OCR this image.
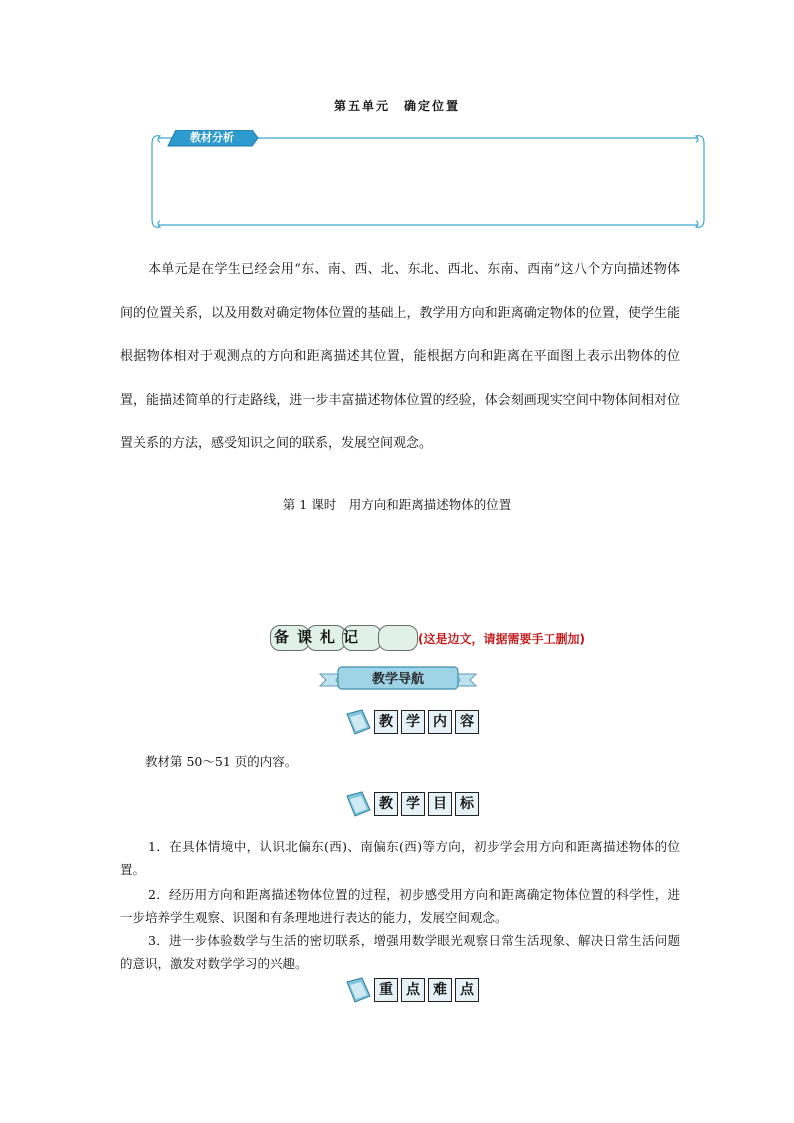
第五单元　确定位置
教材分析
本单元是在学生已经会用“东、南、西、北、东北、西北、东南、西南”这八个方向描述物体间的位置关系，以及用数对确定物体位置的基础上，教学用方向和距离确定物体的位置，使学生能根据物体相对于观测点的方向和距离描述其位置，能根据方向和距离在平面图上表示出物体的位置，能描述简单的行走路线，进一步丰富描述物体位置的经验，体会刻画现实空间中物体间相对位置关系的方法，感受知识之间的联系，发展空间观念。
第 1 课时　用方向和距离描述物体的位置
备课札记	(这是边文，请据需要手工删加)
教学导航
教 学 内 容
教材第 50～51 页的内容。
教 学 目 标
1．在具体情境中，认识北偏东(西)、南偏东(西)等方向，初步学会用方向和距离描述物体的位置。
2．经历用方向和距离描述物体位置的过程，初步感受用方向和距离确定物体位置的科学性，进一步培养学生观察、识图和有条理地进行表达的能力，发展空间观念。
3．进一步体验数学与生活的密切联系，增强用数学眼光观察日常生活现象、解决日常生活问题的意识，激发对数学学习的兴趣。
重 点 难 点
